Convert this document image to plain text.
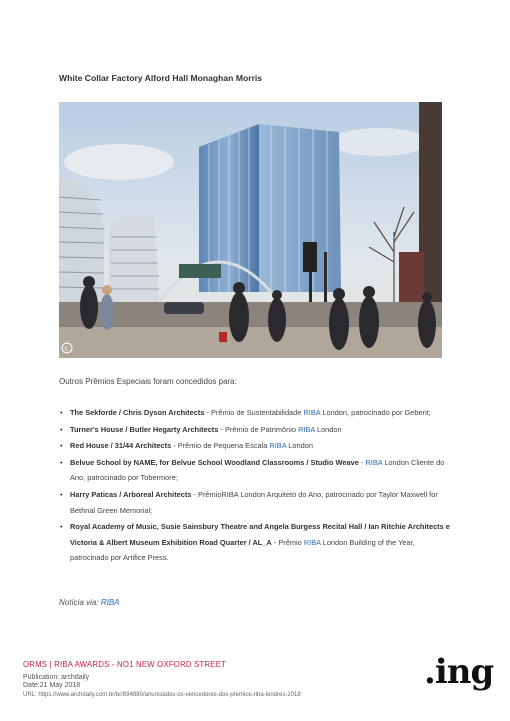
White Collar Factory Alford Hall Monaghan Morris
c
Outros Prêmios Especiais foram concedidos para:
• The Sekforde / Chris Dyson Architects - Prêmio de Sustentabilidade RIBA London, patrocinado por Geberit;
• Turner's House / Butler Hegarty Architects - Prêmio de Patrimônio RIBA London
• Red House / 31/44 Architects - Prêmio de Pequena Escala RIBA London
• Belvue School by NAME, for Belvue School Woodland Classrooms / Studio Weave - RIBA London Cliente do Ano, patrocinado por Tobermore;
• Harry Paticas / Arboreal Architects - PrêmioRIBA London Arquiteto do Ano, patrocinado por Taylor Maxwell for Bethnal Green Memorial;
• Royal Academy of Music, Susie Sainsbury Theatre and Angela Burgess Recital Hall / Ian Ritchie Architects e Victoria & Albert Museum Exhibition Road Quarter / AL_A - Prêmio RIBA London Building of the Year, patrocinado por Artifice Press.
Notícia via: RIBA
ORMS | RIBA AWARDS - NO1 NEW OXFORD STREET
Publication: archdaily
Date:21 May 2018
URL: https://www.archdaily.com.br/br/894880/anunciados-os-vencedores-dos-premios-riba-londres-2018
.ing
